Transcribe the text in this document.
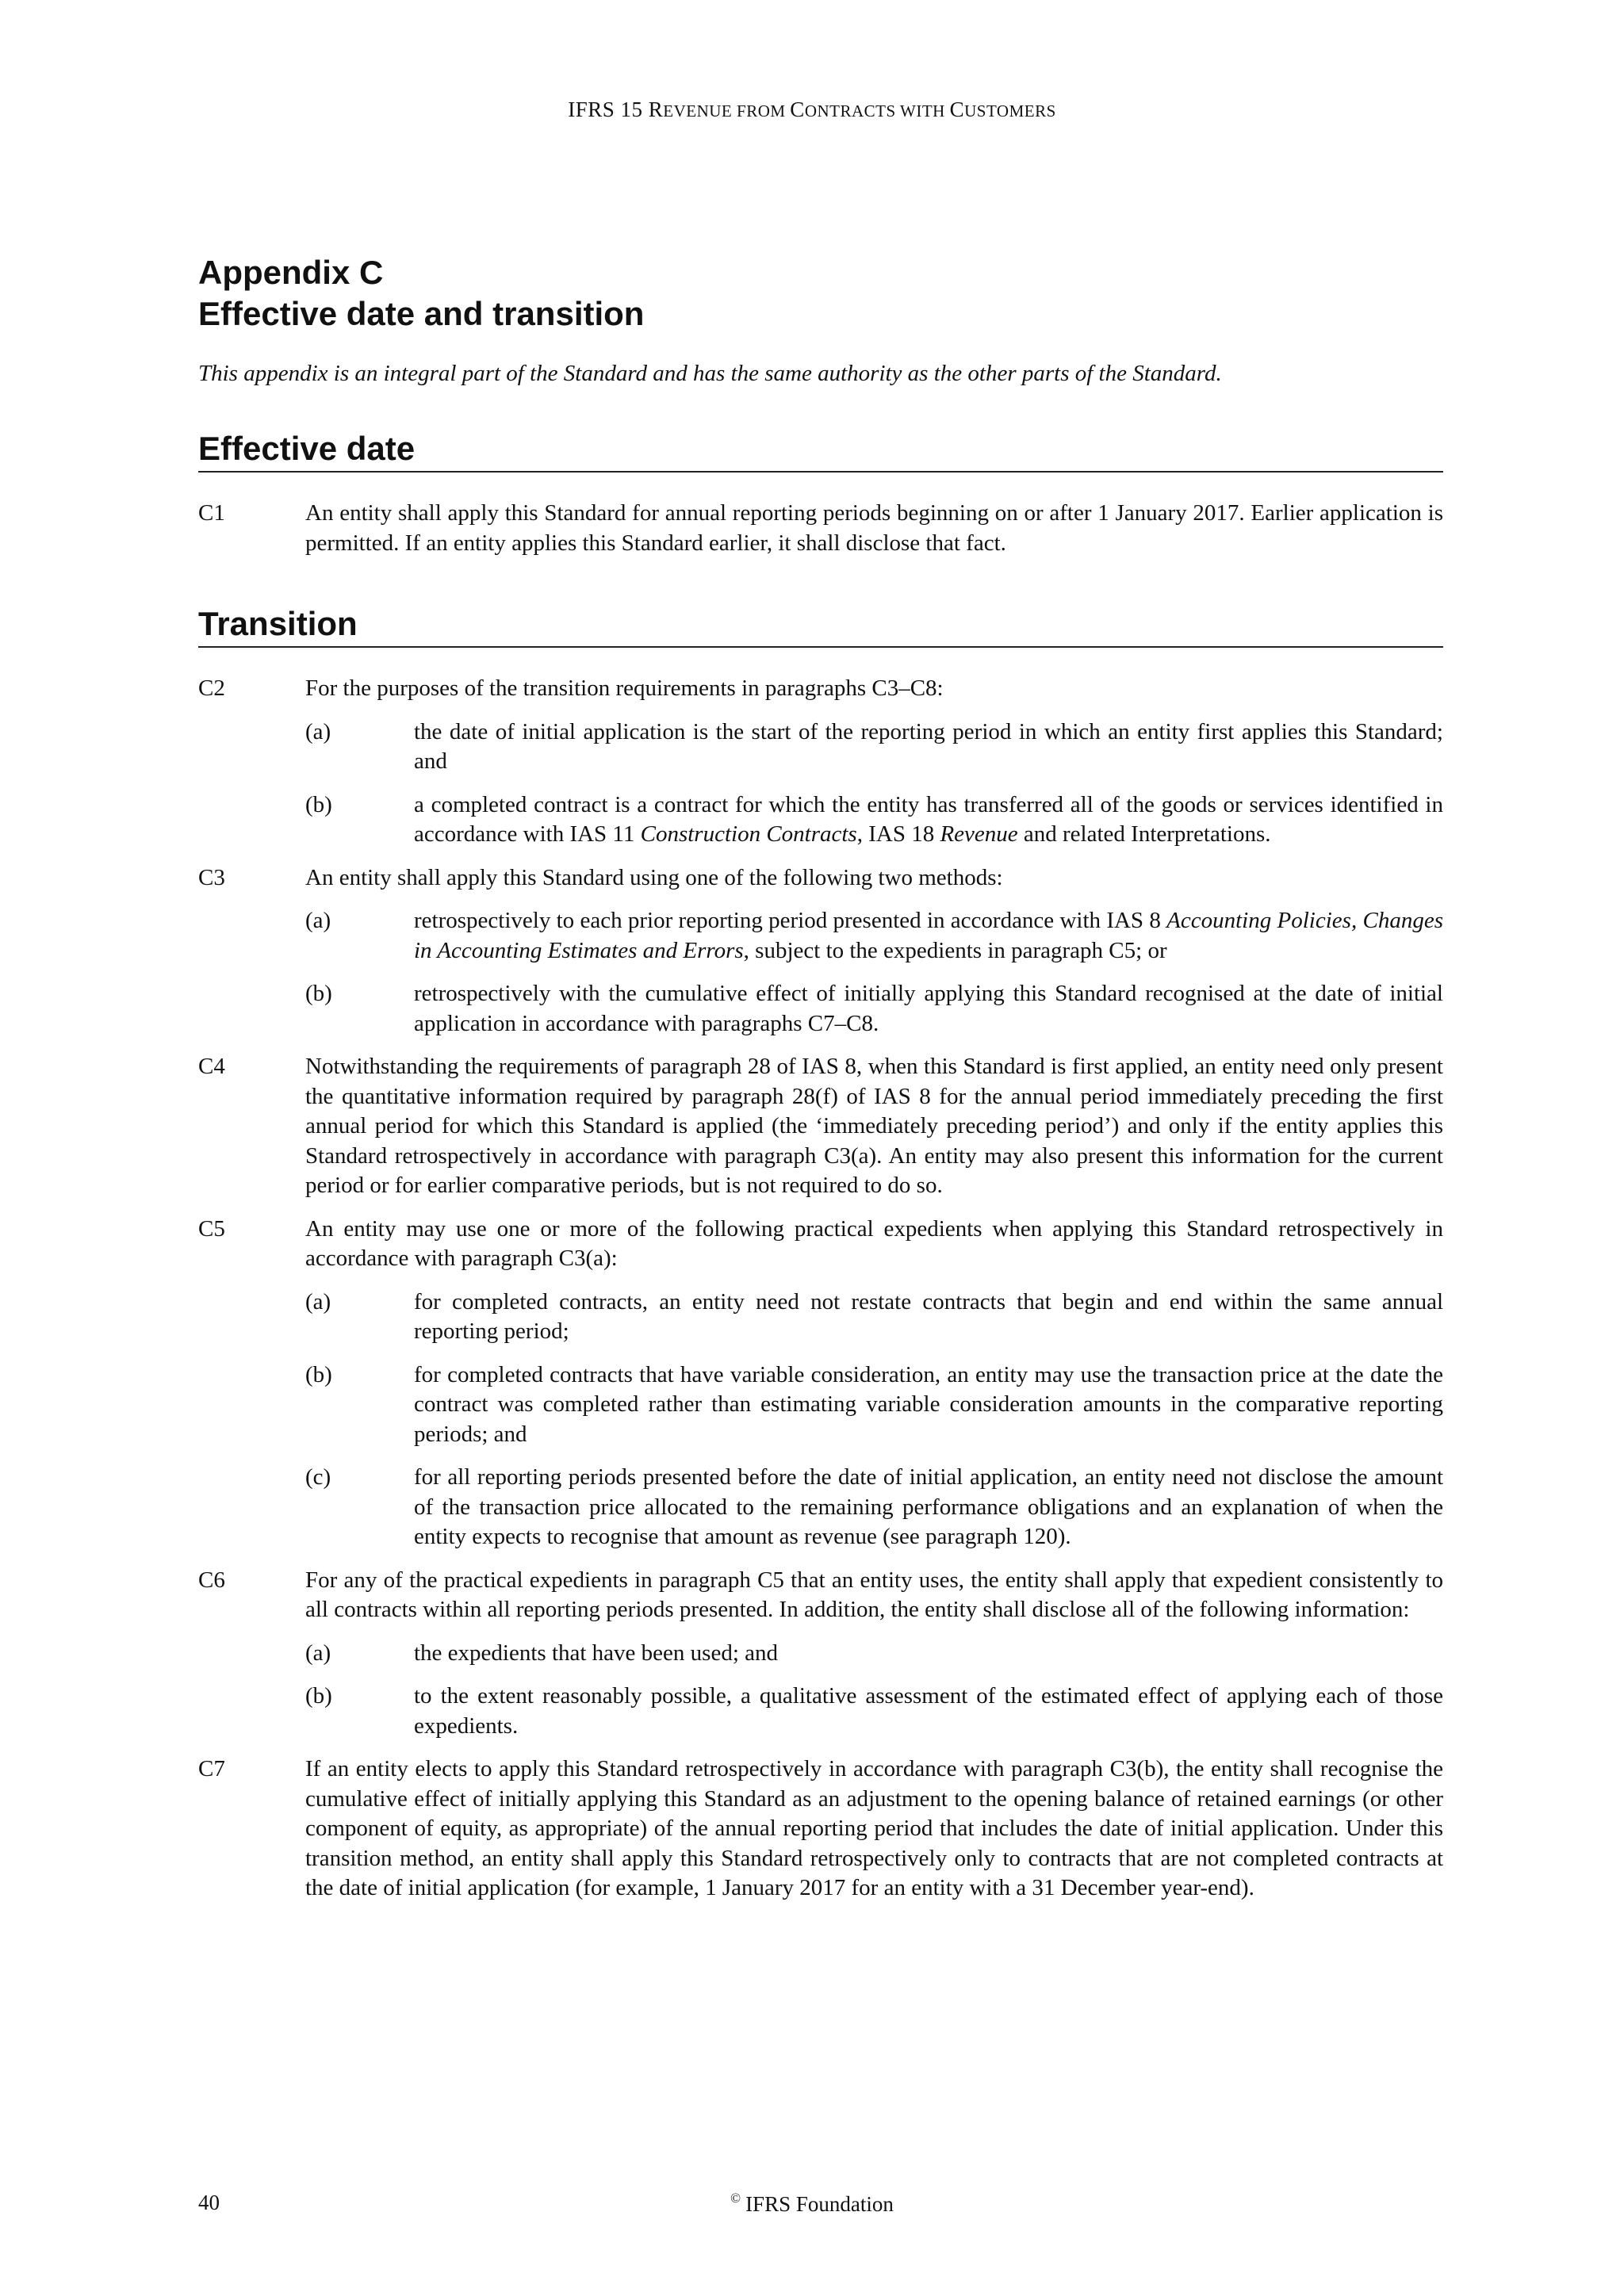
IFRS 15 REVENUE FROM CONTRACTS WITH CUSTOMERS
Appendix C
Effective date and transition

This appendix is an integral part of the Standard and has the same authority as the other parts of the Standard.

Effective date
C1	An entity shall apply this Standard for annual reporting periods beginning on or after 1 January 2017. Earlier application is permitted. If an entity applies this Standard earlier, it shall disclose that fact.

Transition
C2	For the purposes of the transition requirements in paragraphs C3–C8:

(a)	the date of initial application is the start of the reporting period in which an entity first applies this Standard; and
(b)	a completed contract is a contract for which the entity has transferred all of the goods or services identified in accordance with IAS 11 Construction Contracts, IAS 18 Revenue and related Interpretations.
C3	An entity shall apply this Standard using one of the following two methods:

(a)	retrospectively to each prior reporting period presented in accordance with IAS 8 Accounting Policies, Changes in Accounting Estimates and Errors, subject to the expedients in paragraph C5; or
(b)	retrospectively with the cumulative effect of initially applying this Standard recognised at the date of initial application in accordance with paragraphs C7–C8.
C4	Notwithstanding the requirements of paragraph 28 of IAS 8, when this Standard is first applied, an entity need only present the quantitative information required by paragraph 28(f) of IAS 8 for the annual period immediately preceding the first annual period for which this Standard is applied (the ‘immediately preceding period’) and only if the entity applies this Standard retrospectively in accordance with paragraph C3(a). An entity may also present this information for the current period or for earlier comparative periods, but is not required to do so.

C5	An entity may use one or more of the following practical expedients when applying this Standard retrospectively in accordance with paragraph C3(a):

(a)	for completed contracts, an entity need not restate contracts that begin and end within the same annual reporting period;
(b)	for completed contracts that have variable consideration, an entity may use the transaction price at the date the contract was completed rather than estimating variable consideration amounts in the comparative reporting periods; and
(c)	for all reporting periods presented before the date of initial application, an entity need not disclose the amount of the transaction price allocated to the remaining performance obligations and an explanation of when the entity expects to recognise that amount as revenue (see paragraph 120).
C6	For any of the practical expedients in paragraph C5 that an entity uses, the entity shall apply that expedient consistently to all contracts within all reporting periods presented. In addition, the entity shall disclose all of the following information:

(a)	the expedients that have been used; and
(b)	to the extent reasonably possible, a qualitative assessment of the estimated effect of applying each of those expedients.
C7	If an entity elects to apply this Standard retrospectively in accordance with paragraph C3(b), the entity shall recognise the cumulative effect of initially applying this Standard as an adjustment to the opening balance of retained earnings (or other component of equity, as appropriate) of the annual reporting period that includes the date of initial application. Under this transition method, an entity shall apply this Standard retrospectively only to contracts that are not completed contracts at the date of initial application (for example, 1 January 2017 for an entity with a 31 December year-end).

40	© IFRS Foundation
